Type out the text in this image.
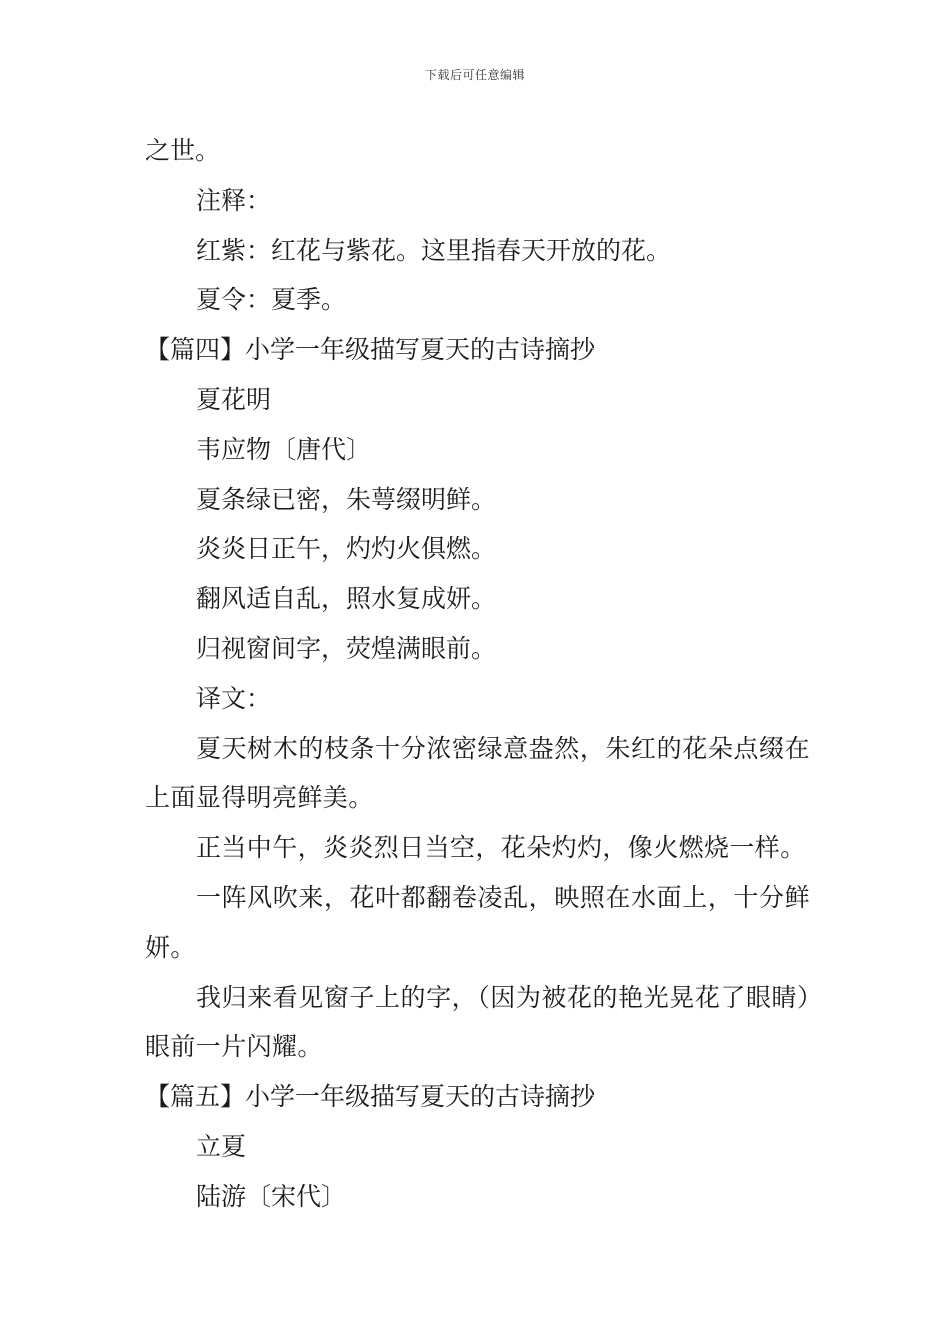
下载后可任意编辑
之世。
注释：
红紫：红花与紫花。这里指春天开放的花。
夏令：夏季。
【篇四】小学一年级描写夏天的古诗摘抄
夏花明
韦应物〔唐代〕
夏条绿已密，朱萼缀明鲜。
炎炎日正午，灼灼火俱燃。
翻风适自乱，照水复成妍。
归视窗间字，荧煌满眼前。
译文：
夏天树木的枝条十分浓密绿意盎然，朱红的花朵点缀在上面显得明亮鲜美。
正当中午，炎炎烈日当空，花朵灼灼，像火燃烧一样。
一阵风吹来，花叶都翻卷凌乱，映照在水面上，十分鲜妍。
我归来看见窗子上的字，（因为被花的艳光晃花了眼睛）眼前一片闪耀。
【篇五】小学一年级描写夏天的古诗摘抄
立夏
陆游〔宋代〕
